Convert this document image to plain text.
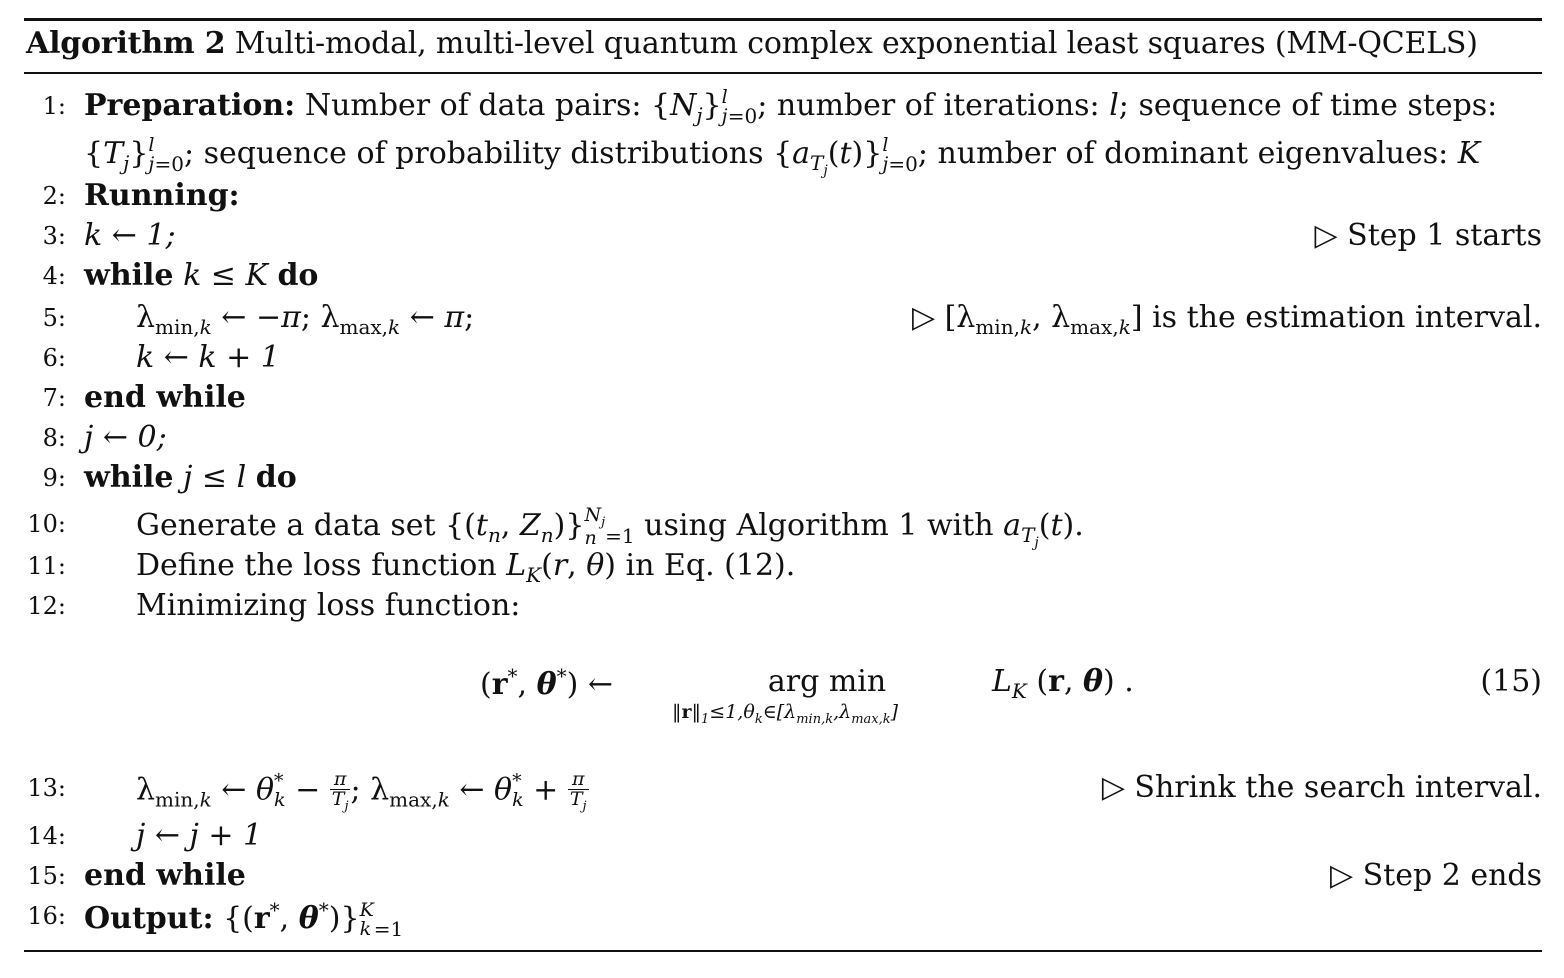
Algorithm 2 Multi-modal, multi-level quantum complex exponential least squares (MM-QCELS)
1: Preparation: Number of data pairs: $\{N_j\}$ l
j $_{=0}$; number of iterations: l; sequence of time steps:
$\{T_j\}$ l
j $_{=0}$; sequence of probability distributions $\{a_{T_j}(t)\}$ l
j $_{=0}$; number of dominant eigenvalues: K
2: Running:
3: k ← 1;	▷ Step 1 starts
4: while k ≤ K do
5: $\lambda_{min,k}$ ← −π; $\lambda_{max,k}$ ← π;	▷ [$\lambda_{min,k}$, $\lambda_{max,k}$] is the estimation interval.
6: k ← k + 1
7: end while
8: j ← 0;
9: while j ≤ l do
10: Generate a data set {($t_n$, $Z_n$)} $N_j$
n $_{=1}$ using Algorithm 1 with $a_{T_j}(t)$.
11: Define the loss function $L_K(r$, θ) in Eq. (12).
12: Minimizing loss function:
(r*, θ*) ←	arg min
$‖r‖_1\le 1,\theta_k\in[\lambda_{min,k},\lambda_{max,k}]$
$L_K$ (r, θ) .	(15)
13: $\lambda_{min,k}$ ← θ *
$k - \frac{\pi}{T_j}$ ; $\lambda_{max,k}$ ← θ *
$k + \frac{\pi}{T_j}$	▷ Shrink the search interval.
14: j ← j + 1
15: end while	▷ Step 2 ends
16: Output: {(r*, θ*)} K
k $_{=1}$
